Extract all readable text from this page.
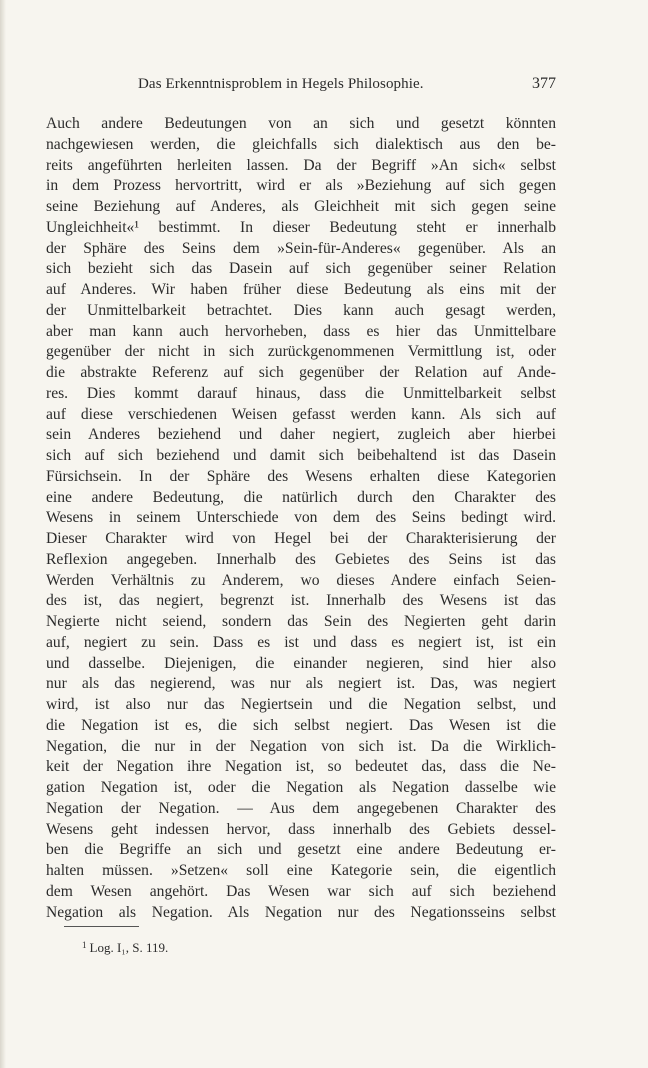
Das Erkenntnisproblem in Hegels Philosophie.	377
Auch andere Bedeutungen von an sich und gesetzt könnten
nachgewiesen werden, die gleichfalls sich dialektisch aus den be-
reits angeführten herleiten lassen. Da der Begriff »An sich« selbst
in dem Prozess hervortritt, wird er als »Beziehung auf sich gegen
seine Beziehung auf Anderes, als Gleichheit mit sich gegen seine
Ungleichheit«¹ bestimmt. In dieser Bedeutung steht er innerhalb
der Sphäre des Seins dem »Sein-für-Anderes« gegenüber. Als an
sich bezieht sich das Dasein auf sich gegenüber seiner Relation
auf Anderes. Wir haben früher diese Bedeutung als eins mit der
der Unmittelbarkeit betrachtet. Dies kann auch gesagt werden,
aber man kann auch hervorheben, dass es hier das Unmittelbare
gegenüber der nicht in sich zurückgenommenen Vermittlung ist, oder
die abstrakte Referenz auf sich gegenüber der Relation auf Ande-
res. Dies kommt darauf hinaus, dass die Unmittelbarkeit selbst
auf diese verschiedenen Weisen gefasst werden kann. Als sich auf
sein Anderes beziehend und daher negiert, zugleich aber hierbei
sich auf sich beziehend und damit sich beibehaltend ist das Dasein
Fürsichsein. In der Sphäre des Wesens erhalten diese Kategorien
eine andere Bedeutung, die natürlich durch den Charakter des
Wesens in seinem Unterschiede von dem des Seins bedingt wird.
Dieser Charakter wird von Hegel bei der Charakterisierung der
Reflexion angegeben. Innerhalb des Gebietes des Seins ist das
Werden Verhältnis zu Anderem, wo dieses Andere einfach Seien-
des ist, das negiert, begrenzt ist. Innerhalb des Wesens ist das
Negierte nicht seiend, sondern das Sein des Negierten geht darin
auf, negiert zu sein. Dass es ist und dass es negiert ist, ist ein
und dasselbe. Diejenigen, die einander negieren, sind hier also
nur als das negierend, was nur als negiert ist. Das, was negiert
wird, ist also nur das Negiertsein und die Negation selbst, und
die Negation ist es, die sich selbst negiert. Das Wesen ist die
Negation, die nur in der Negation von sich ist. Da die Wirklich-
keit der Negation ihre Negation ist, so bedeutet das, dass die Ne-
gation Negation ist, oder die Negation als Negation dasselbe wie
Negation der Negation. — Aus dem angegebenen Charakter des
Wesens geht indessen hervor, dass innerhalb des Gebiets dessel-
ben die Begriffe an sich und gesetzt eine andere Bedeutung er-
halten müssen. »Setzen« soll eine Kategorie sein, die eigentlich
dem Wesen angehört. Das Wesen war sich auf sich beziehend
Negation als Negation. Als Negation nur des Negationsseins selbst
$^1$ Log. I₁, S. 119.
